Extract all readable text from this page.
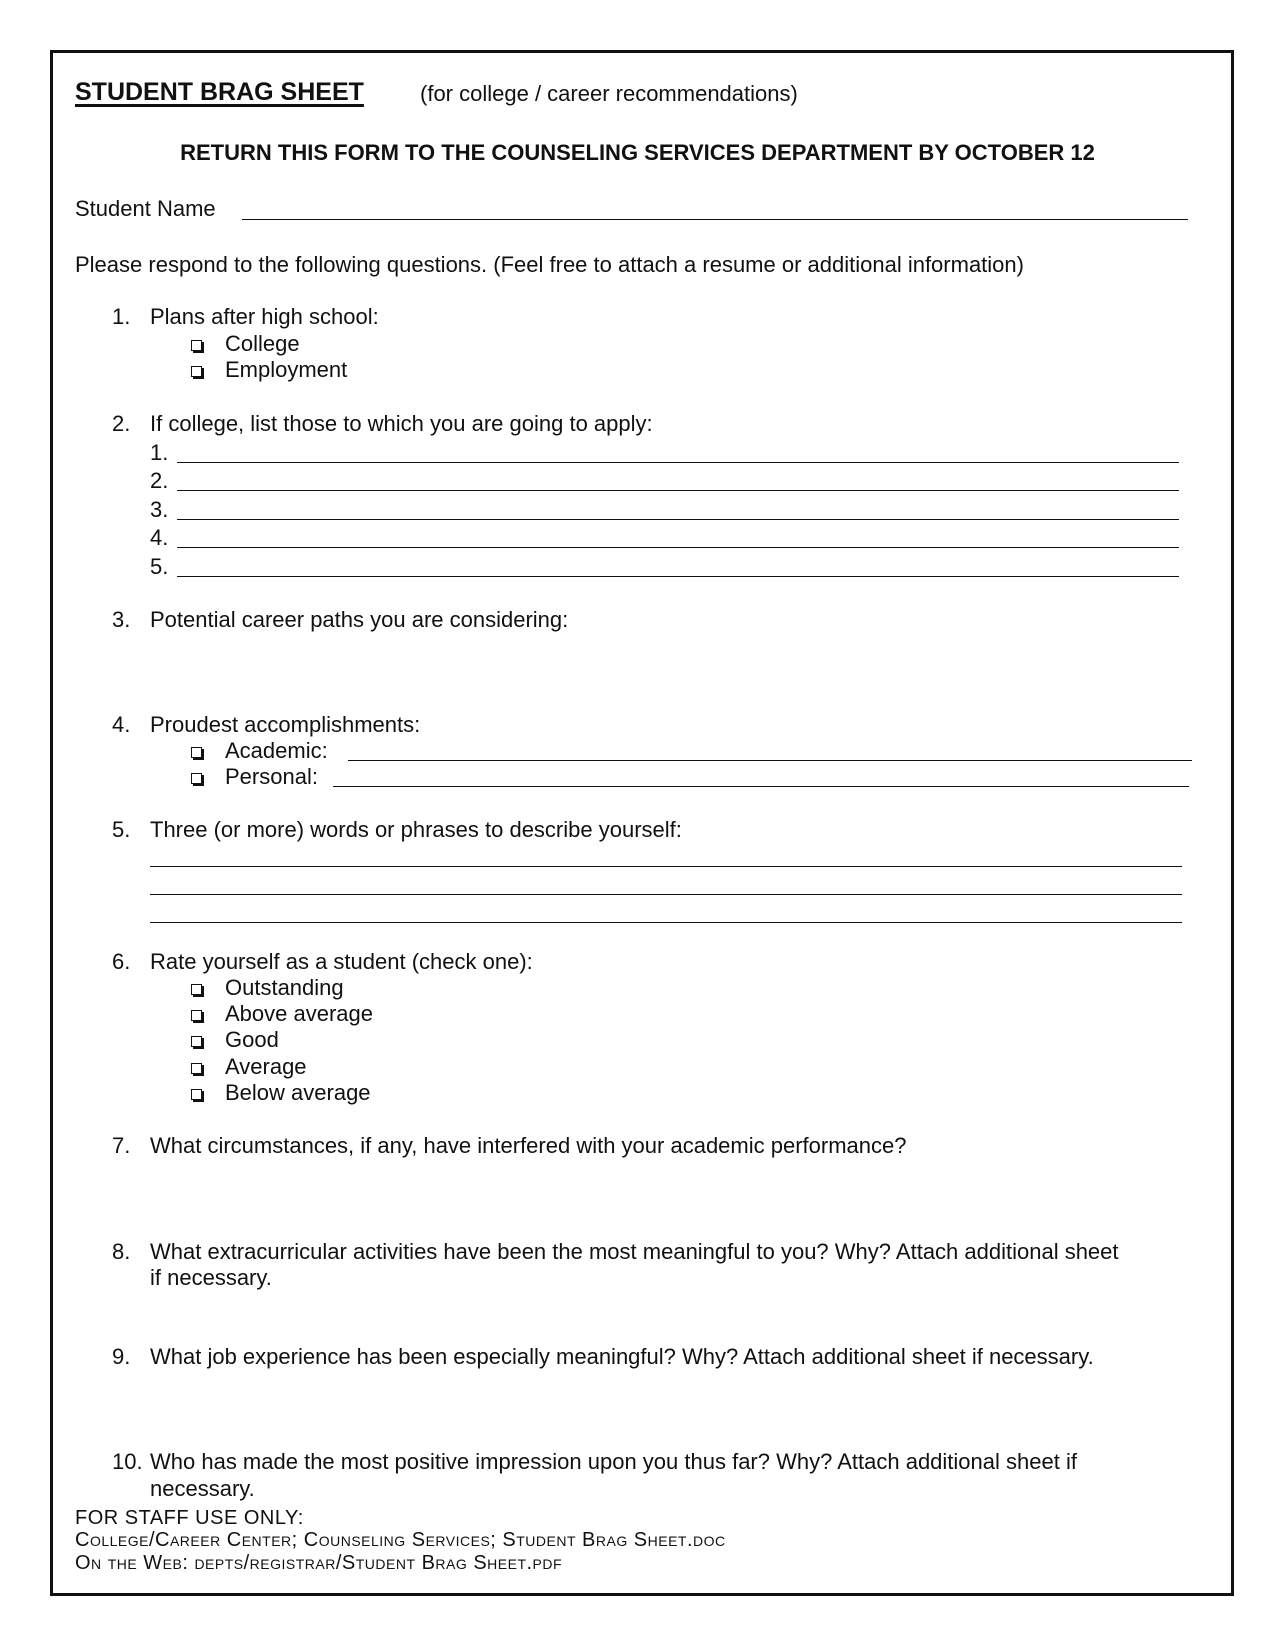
STUDENT BRAG SHEET	(for college / career recommendations)
RETURN THIS FORM TO THE COUNSELING SERVICES DEPARTMENT BY OCTOBER 12
Student Name
Please respond to the following questions. (Feel free to attach a resume or additional information)
1. Plans after high school:
College
Employment
2. If college, list those to which you are going to apply:
1.
2.
3.
4.
5.
3. Potential career paths you are considering:
4. Proudest accomplishments:
Academic:
Personal:
5. Three (or more) words or phrases to describe yourself:
6. Rate yourself as a student (check one):
Outstanding
Above average
Good
Average
Below average
7. What circumstances, if any, have interfered with your academic performance?
8. What extracurricular activities have been the most meaningful to you? Why? Attach additional sheet
if necessary.
9. What job experience has been especially meaningful? Why? Attach additional sheet if necessary.
10. Who has made the most positive impression upon you thus far? Why? Attach additional sheet if
necessary.
FOR STAFF USE ONLY:
College/Career Center; Counseling Services; Student Brag Sheet.doc
On the Web: depts/registrar/Student Brag Sheet.pdf
